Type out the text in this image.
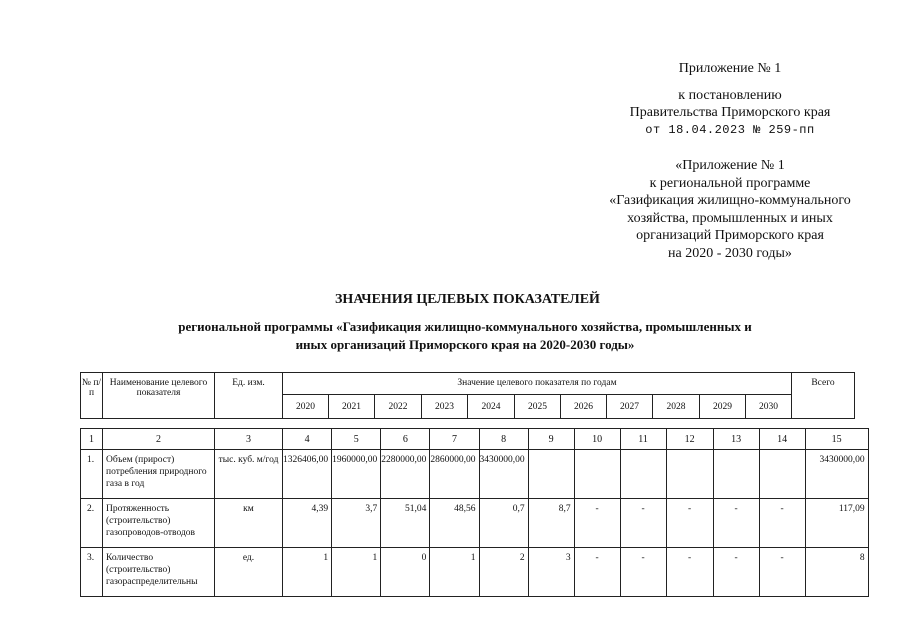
Приложение № 1
к постановлению
Правительства Приморского края
от 18.04.2023 № 259-пп
«Приложение № 1
к региональной программе
«Газификация жилищно-коммунального
хозяйства, промышленных и иных
организаций Приморского края
на 2020 - 2030 годы»
ЗНАЧЕНИЯ ЦЕЛЕВЫХ ПОКАЗАТЕЛЕЙ
региональной программы «Газификация жилищно-коммунального хозяйства, промышленных и
иных организаций Приморского края на 2020-2030 годы»
№ п/п	Наименование целевого показателя	Ед. изм.	Значение целевого показателя по годам											Всего
			2020	2021	2022	2023	2024	2025	2026	2027	2028	2029	2030	
1	2	3	4	5	6	7	8	9	10	11	12	13	14	15

1.	Объем (прирост) потребления природного газа в год	тыс. куб. м/год	1326406,00	1960000,00	2280000,00	2860000,00	3430000,00							3430000,00

2.	Протяженность (строительство) газопроводов-отводов	км	4,39	3,7	51,04	48,56	0,7	8,7	-	-	-	-	-	117,09

3.	Количество (строительство) газораспределительны	ед.	1	1	0	1	2	3	-	-	-	-	-	8
